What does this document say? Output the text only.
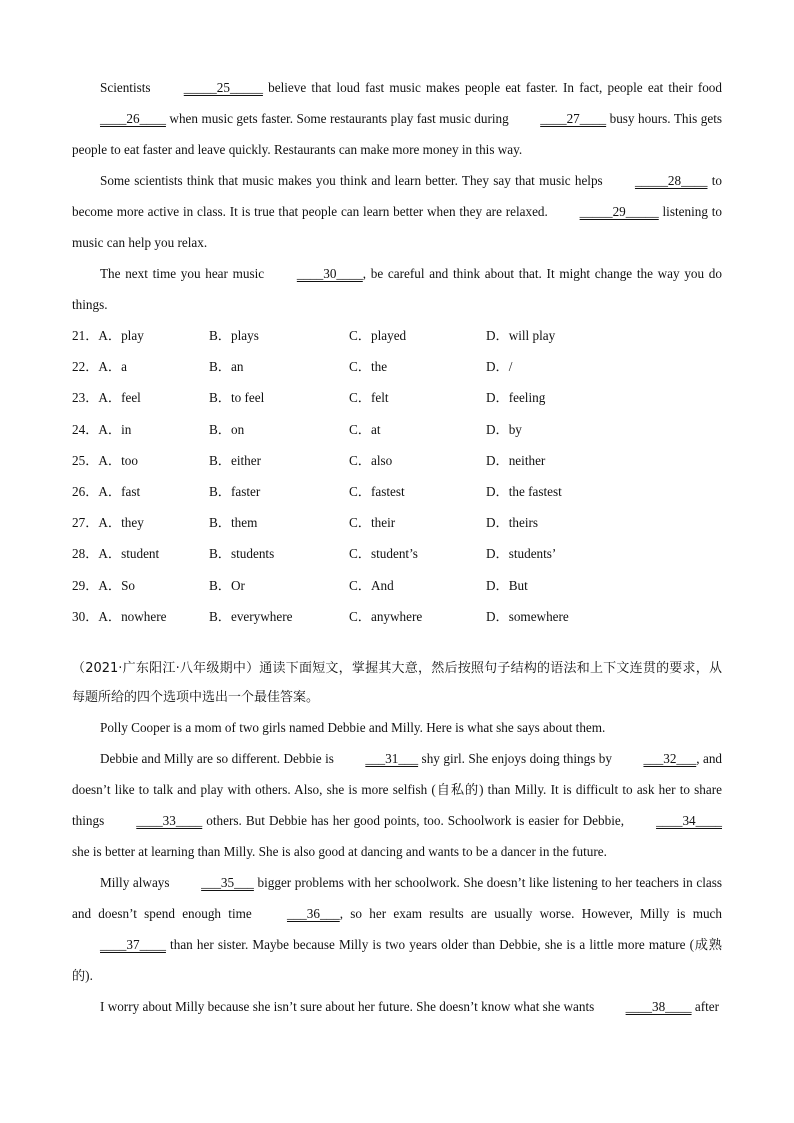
Scientists _____25_____ believe that loud fast music makes people eat faster. In fact, people eat their food ____26____ when music gets faster. Some restaurants play fast music during ____27____ busy hours. This gets people to eat faster and leave quickly. Restaurants can make more money in this way.

Some scientists think that music makes you think and learn better. They say that music helps _____28____ to become more active in class. It is true that people can learn better when they are relaxed. _____29_____ listening to music can help you relax.

The next time you hear music ____30____, be careful and think about that. It might change the way you do things.

21．A．play	B．plays	C．played	D．will play
22．A．a	B．an	C．the	D．/
23．A．feel	B．to feel	C．felt	D．feeling
24．A．in	B．on	C．at	D．by
25．A．too	B．either	C．also	D．neither
26．A．fast	B．faster	C．fastest	D．the fastest
27．A．they	B．them	C．their	D．theirs
28．A．student	B．students	C．student’s	D．students’
29．A．So	B．Or	C．And	D．But
30．A．nowhere	B．everywhere	C．anywhere	D．somewhere

（2021·广东阳江·八年级期中）通读下面短文，掌握其大意，然后按照句子结构的语法和上下文连贯的要求，从每题所给的四个选项中选出一个最佳答案。

Polly Cooper is a mom of two girls named Debbie and Milly. Here is what she says about them.

Debbie and Milly are so different. Debbie is ___31___ shy girl. She enjoys doing things by ___32___, and doesn’t like to talk and play with others. Also, she is more selfish (自私的) than Milly. It is difficult to ask her to share things ____33____ others. But Debbie has her good points, too. Schoolwork is easier for Debbie, ____34____ she is better at learning than Milly. She is also good at dancing and wants to be a dancer in the future.

Milly always ___35___ bigger problems with her schoolwork. She doesn’t like listening to her teachers in class and doesn’t spend enough time ___36___, so her exam results are usually worse. However, Milly is much ____37____ than her sister. Maybe because Milly is two years older than Debbie, she is a little more mature (成熟的).

I worry about Milly because she isn’t sure about her future. She doesn’t know what she wants ____38____ after
